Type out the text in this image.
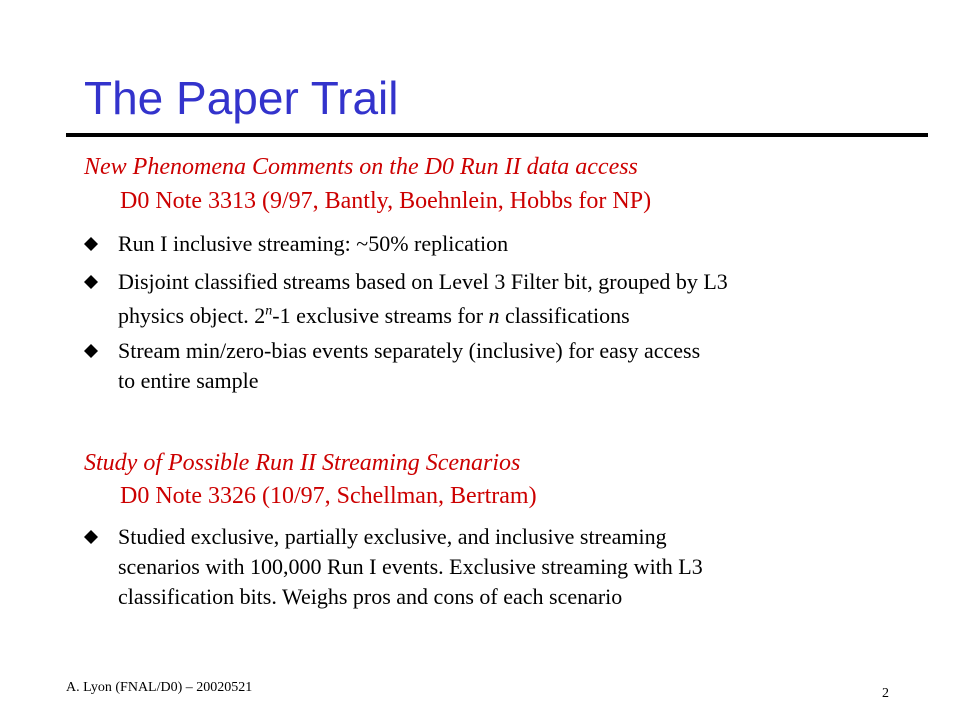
The Paper Trail

New Phenomena Comments on the D0 Run II data access

D0 Note 3313 (9/97, Bantly, Boehnlein, Hobbs for NP)

Run I inclusive streaming: ~50% replication
Disjoint classified streams based on Level 3 Filter bit, grouped by L3
physics object. 2$^n$-1 exclusive streams for n classifications
Stream min/zero-bias events separately (inclusive) for easy access
to entire sample

Study of Possible Run II Streaming Scenarios

D0 Note 3326 (10/97, Schellman, Bertram)

Studied exclusive, partially exclusive, and inclusive streaming
scenarios with 100,000 Run I events. Exclusive streaming with L3
classification bits. Weighs pros and cons of each scenario
A. Lyon (FNAL/D0) – 20020521	2
